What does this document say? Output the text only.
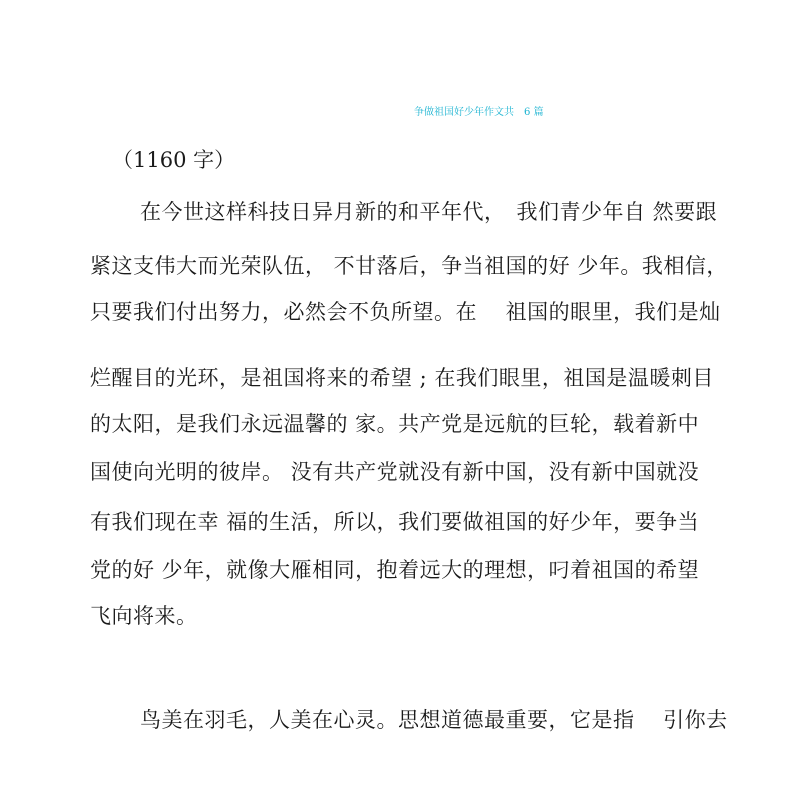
争做祖国好少年作文共 6 篇
（1160 字）
在今世这样科技日异月新的和平年代，　我们青少年自 然要跟
紧这支伟大而光荣队伍， 不甘落后，争当祖国的好 少年。我相信，
只要我们付出努力，必然会不负所望。在　 祖国的眼里，我们是灿
烂醒目的光环，是祖国将来的希望 ; 在我们眼里，祖国是温暖刺目
的太阳，是我们永远温馨的 家。共产党是远航的巨轮，载着新中
国使向光明的彼岸。 没有共产党就没有新中国，没有新中国就没
有我们现在幸 福的生活，所以，我们要做祖国的好少年，要争当
党的好 少年，就像大雁相同，抱着远大的理想，叼着祖国的希望
飞向将来。
鸟美在羽毛，人美在心灵。思想道德最重要，它是指　 引你去
